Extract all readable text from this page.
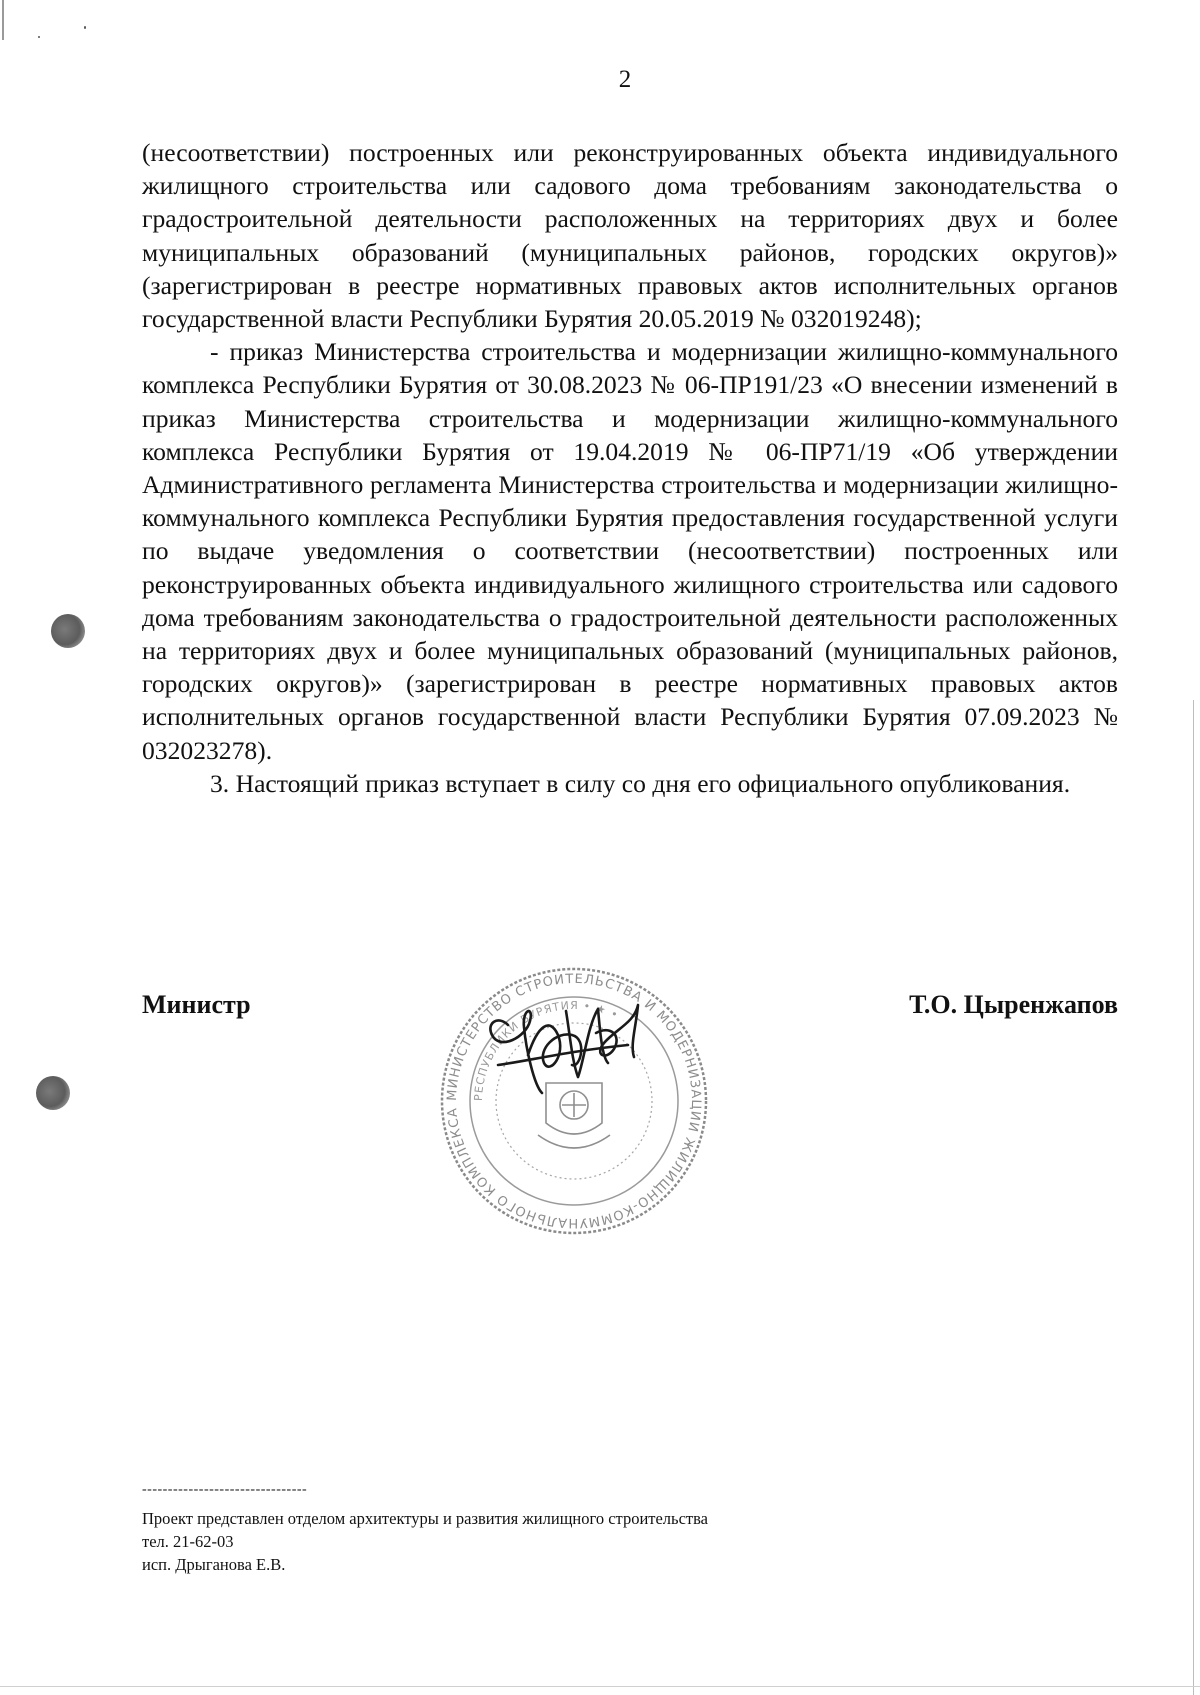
2

(несоответствии) построенных или реконструированных объекта индивидуального жилищного строительства или садового дома требованиям законодательства о градостроительной деятельности расположенных на территориях двух и более муниципальных образований (муниципальных районов, городских округов)» (зарегистрирован в реестре нормативных правовых актов исполнительных органов государственной власти Республики Бурятия 20.05.2019 № 032019248);

- приказ Министерства строительства и модернизации жилищно-коммунального комплекса Республики Бурятия от 30.08.2023 № 06-ПР191/23 «О внесении изменений в приказ Министерства строительства и модернизации жилищно-коммунального комплекса Республики Бурятия от 19.04.2019 № 06-ПР71/19 «Об утверждении Административного регламента Министерства строительства и модернизации жилищно-коммунального комплекса Республики Бурятия предоставления государственной услуги по выдаче уведомления о соответствии (несоответствии) построенных или реконструированных объекта индивидуального жилищного строительства или садового дома требованиям законодательства о градостроительной деятельности расположенных на территориях двух и более муниципальных образований (муниципальных районов, городских округов)» (зарегистрирован в реестре нормативных правовых актов исполнительных органов государственной власти Республики Бурятия 07.09.2023 № 032023278).

3. Настоящий приказ вступает в силу со дня его официального опубликования.

МИНИСТЕРСТВО СТРОИТЕЛЬСТВА И МОДЕРНИЗАЦИИ ЖИЛИЩНО-КОММУНАЛЬНОГО КОМПЛЕКСА
РЕСПУБЛИКИ БУРЯТИЯ • ★ •
Министр	Т.О. Цыренжапов
--------------------------------
Проект представлен отделом архитектуры и развития жилищного строительства
тел. 21-62-03
исп. Дрыганова Е.В.
